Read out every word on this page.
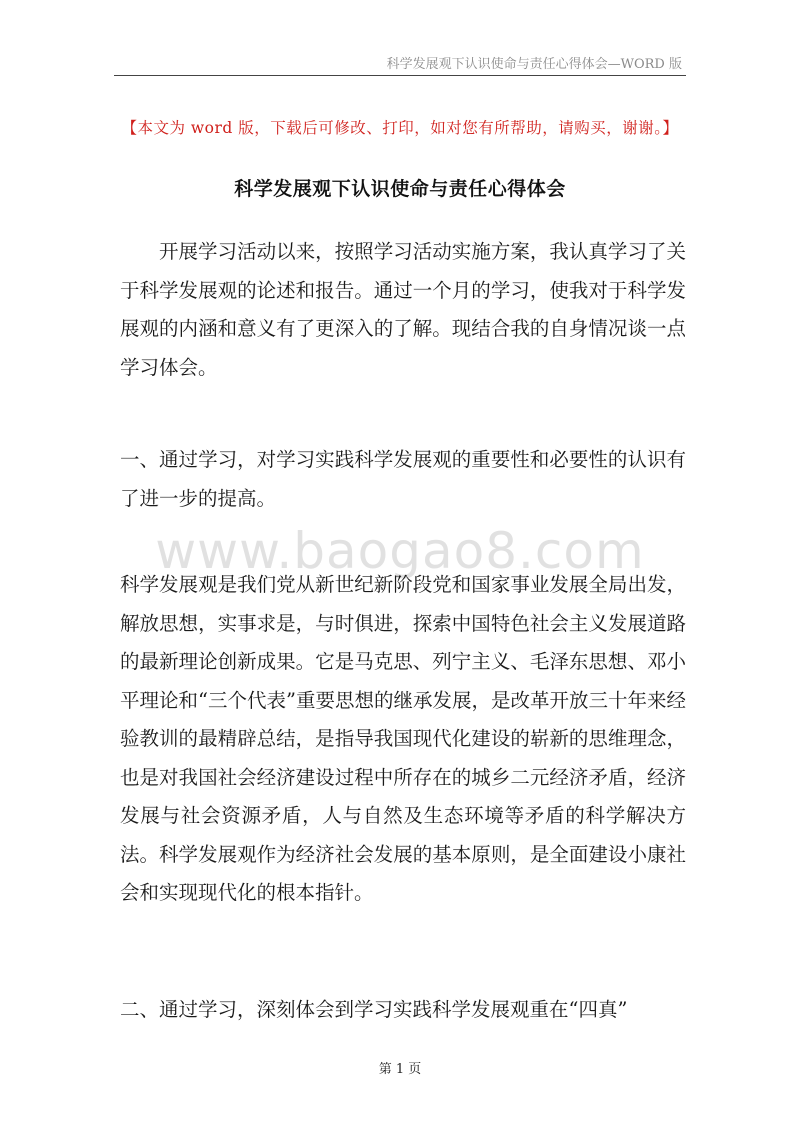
科学发展观下认识使命与责任心得体会—WORD 版
【本文为 word 版，下载后可修改、打印，如对您有所帮助，请购买，谢谢。】
科学发展观下认识使命与责任心得体会

开展学习活动以来，按照学习活动实施方案，我认真学习了关于科学发展观的论述和报告。通过一个月的学习，使我对于科学发展观的内涵和意义有了更深入的了解。现结合我的自身情况谈一点学习体会。

一、通过学习，对学习实践科学发展观的重要性和必要性的认识有了进一步的提高。

www.baogao8.com

科学发展观是我们党从新世纪新阶段党和国家事业发展全局出发，解放思想，实事求是，与时俱进，探索中国特色社会主义发展道路的最新理论创新成果。它是马克思、列宁主义、毛泽东思想、邓小平理论和“三个代表”重要思想的继承发展，是改革开放三十年来经验教训的最精辟总结，是指导我国现代化建设的崭新的思维理念，也是对我国社会经济建设过程中所存在的城乡二元经济矛盾，经济发展与社会资源矛盾，人与自然及生态环境等矛盾的科学解决方法。科学发展观作为经济社会发展的基本原则，是全面建设小康社会和实现现代化的根本指针。

二、通过学习，深刻体会到学习实践科学发展观重在“四真”

第 1 页
